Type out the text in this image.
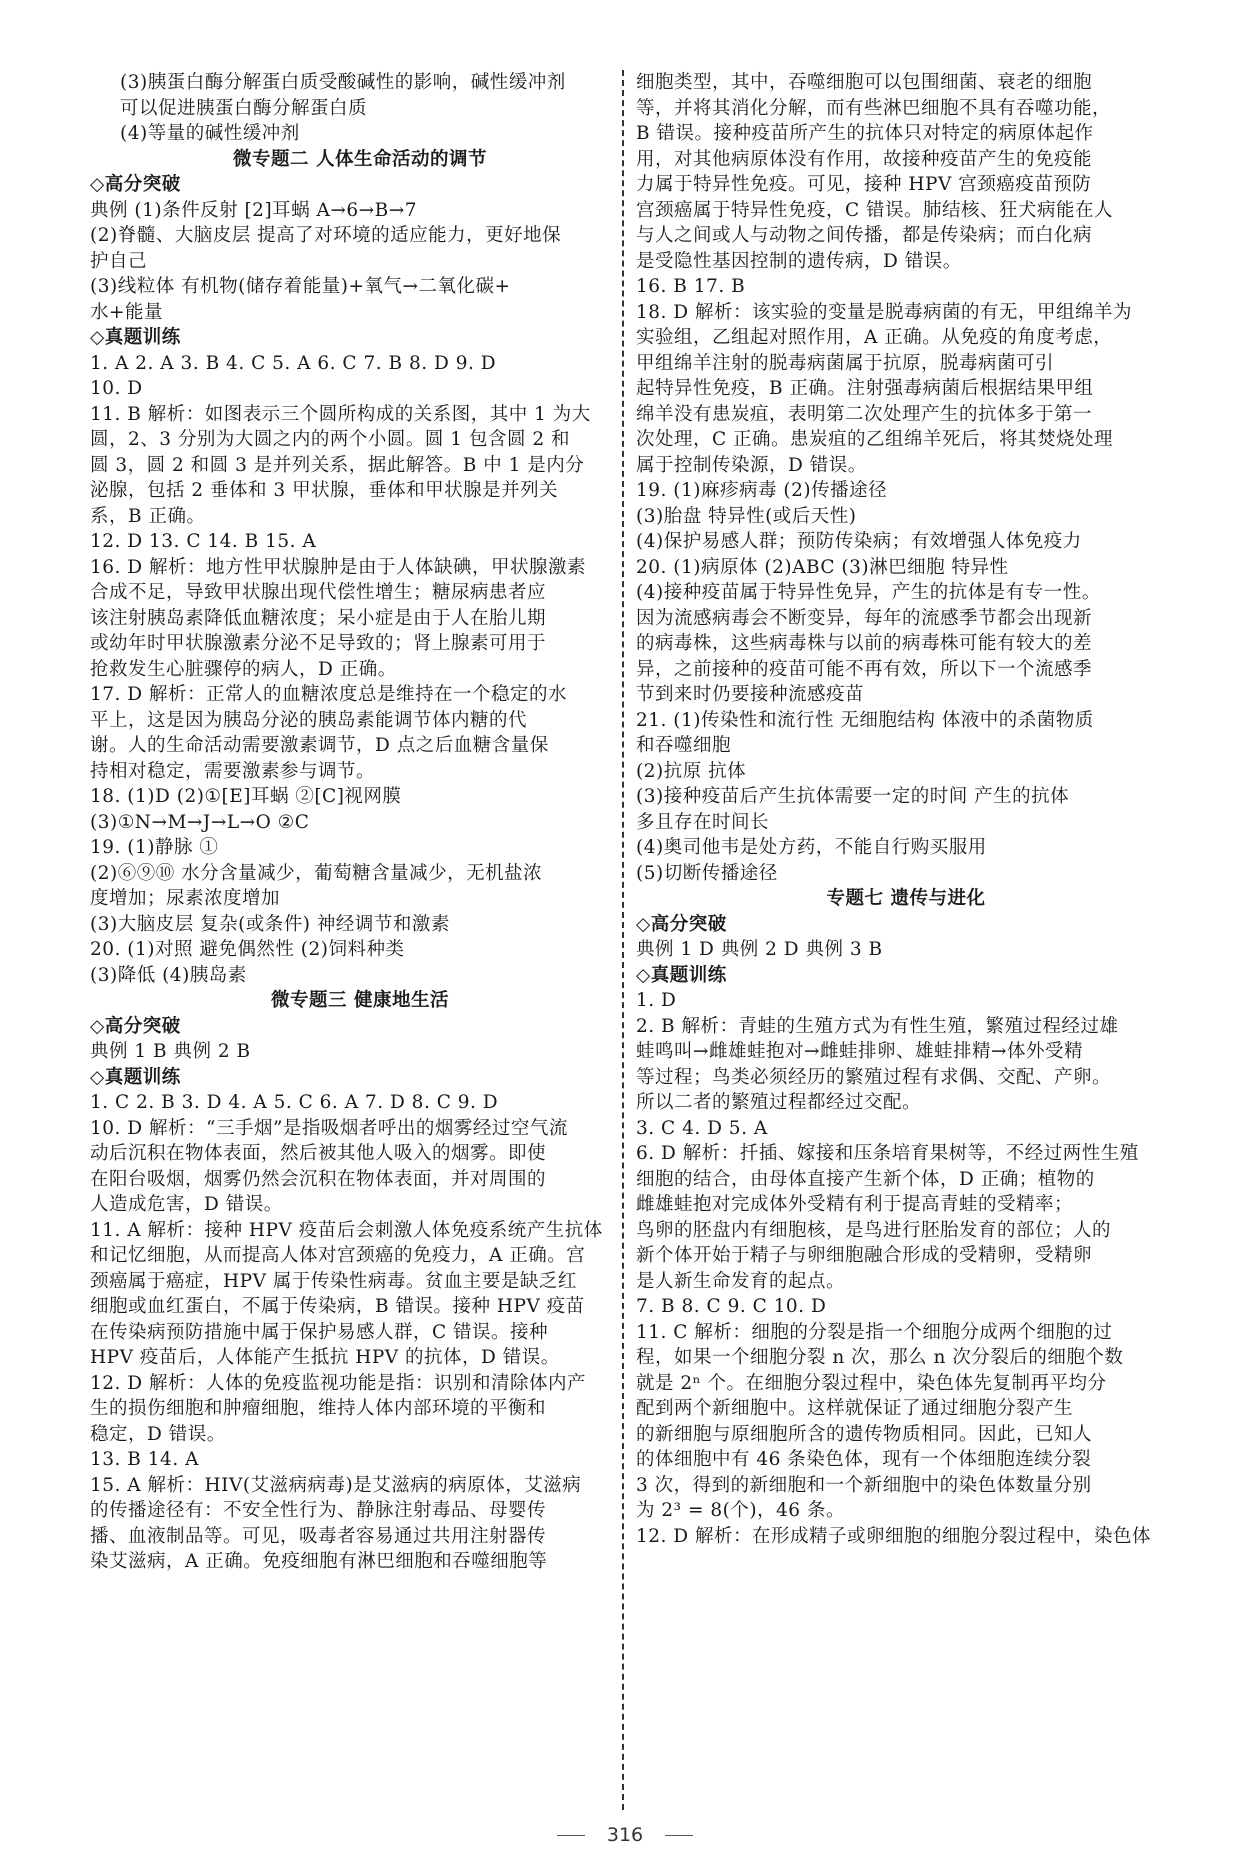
(3)胰蛋白酶分解蛋白质受酸碱性的影响，碱性缓冲剂
可以促进胰蛋白酶分解蛋白质
(4)等量的碱性缓冲剂
微专题二 人体生命活动的调节
◇高分突破
典例 (1)条件反射 [2]耳蜗 A→6→B→7
(2)脊髓、大脑皮层 提高了对环境的适应能力，更好地保
护自己
(3)线粒体 有机物(储存着能量)+氧气→二氧化碳+
水+能量
◇真题训练
1. A 2. A 3. B 4. C 5. A 6. C 7. B 8. D 9. D
10. D
11. B 解析：如图表示三个圆所构成的关系图，其中 1 为大
圆，2、3 分别为大圆之内的两个小圆。圆 1 包含圆 2 和
圆 3，圆 2 和圆 3 是并列关系，据此解答。B 中 1 是内分
泌腺，包括 2 垂体和 3 甲状腺，垂体和甲状腺是并列关
系，B 正确。
12. D 13. C 14. B 15. A
16. D 解析：地方性甲状腺肿是由于人体缺碘，甲状腺激素
合成不足，导致甲状腺出现代偿性增生；糖尿病患者应
该注射胰岛素降低血糖浓度；呆小症是由于人在胎儿期
或幼年时甲状腺激素分泌不足导致的；肾上腺素可用于
抢救发生心脏骤停的病人，D 正确。
17. D 解析：正常人的血糖浓度总是维持在一个稳定的水
平上，这是因为胰岛分泌的胰岛素能调节体内糖的代
谢。人的生命活动需要激素调节，D 点之后血糖含量保
持相对稳定，需要激素参与调节。
18. (1)D (2)①[E]耳蜗 ②[C]视网膜
(3)①N→M→J→L→O ②C
19. (1)静脉 ①
(2)⑥⑨⑩ 水分含量减少，葡萄糖含量减少，无机盐浓
度增加；尿素浓度增加
(3)大脑皮层 复杂(或条件) 神经调节和激素
20. (1)对照 避免偶然性 (2)饲料种类
(3)降低 (4)胰岛素
微专题三 健康地生活
◇高分突破
典例 1 B 典例 2 B
◇真题训练
1. C 2. B 3. D 4. A 5. C 6. A 7. D 8. C 9. D
10. D 解析：“三手烟”是指吸烟者呼出的烟雾经过空气流
动后沉积在物体表面，然后被其他人吸入的烟雾。即使
在阳台吸烟，烟雾仍然会沉积在物体表面，并对周围的
人造成危害，D 错误。
11. A 解析：接种 HPV 疫苗后会刺激人体免疫系统产生抗体
和记忆细胞，从而提高人体对宫颈癌的免疫力，A 正确。宫
颈癌属于癌症，HPV 属于传染性病毒。贫血主要是缺乏红
细胞或血红蛋白，不属于传染病，B 错误。接种 HPV 疫苗
在传染病预防措施中属于保护易感人群，C 错误。接种
HPV 疫苗后，人体能产生抵抗 HPV 的抗体，D 错误。
12. D 解析：人体的免疫监视功能是指：识别和清除体内产
生的损伤细胞和肿瘤细胞，维持人体内部环境的平衡和
稳定，D 错误。
13. B 14. A
15. A 解析：HIV(艾滋病病毒)是艾滋病的病原体，艾滋病
的传播途径有：不安全性行为、静脉注射毒品、母婴传
播、血液制品等。可见，吸毒者容易通过共用注射器传
染艾滋病，A 正确。免疫细胞有淋巴细胞和吞噬细胞等
细胞类型，其中，吞噬细胞可以包围细菌、衰老的细胞
等，并将其消化分解，而有些淋巴细胞不具有吞噬功能，
B 错误。接种疫苗所产生的抗体只对特定的病原体起作
用，对其他病原体没有作用，故接种疫苗产生的免疫能
力属于特异性免疫。可见，接种 HPV 宫颈癌疫苗预防
宫颈癌属于特异性免疫，C 错误。肺结核、狂犬病能在人
与人之间或人与动物之间传播，都是传染病；而白化病
是受隐性基因控制的遗传病，D 错误。
16. B 17. B
18. D 解析：该实验的变量是脱毒病菌的有无，甲组绵羊为
实验组，乙组起对照作用，A 正确。从免疫的角度考虑，
甲组绵羊注射的脱毒病菌属于抗原，脱毒病菌可引
起特异性免疫，B 正确。注射强毒病菌后根据结果甲组
绵羊没有患炭疽，表明第二次处理产生的抗体多于第一
次处理，C 正确。患炭疽的乙组绵羊死后，将其焚烧处理
属于控制传染源，D 错误。
19. (1)麻疹病毒 (2)传播途径
(3)胎盘 特异性(或后天性)
(4)保护易感人群；预防传染病；有效增强人体免疫力
20. (1)病原体 (2)ABC (3)淋巴细胞 特异性
(4)接种疫苗属于特异性免异，产生的抗体是有专一性。
因为流感病毒会不断变异，每年的流感季节都会出现新
的病毒株，这些病毒株与以前的病毒株可能有较大的差
异，之前接种的疫苗可能不再有效，所以下一个流感季
节到来时仍要接种流感疫苗
21. (1)传染性和流行性 无细胞结构 体液中的杀菌物质
和吞噬细胞
(2)抗原 抗体
(3)接种疫苗后产生抗体需要一定的时间 产生的抗体
多且存在时间长
(4)奥司他韦是处方药，不能自行购买服用
(5)切断传播途径
专题七 遗传与进化
◇高分突破
典例 1 D 典例 2 D 典例 3 B
◇真题训练
1. D
2. B 解析：青蛙的生殖方式为有性生殖，繁殖过程经过雄
蛙鸣叫→雌雄蛙抱对→雌蛙排卵、雄蛙排精→体外受精
等过程；鸟类必须经历的繁殖过程有求偶、交配、产卵。
所以二者的繁殖过程都经过交配。
3. C 4. D 5. A
6. D 解析：扦插、嫁接和压条培育果树等，不经过两性生殖
细胞的结合，由母体直接产生新个体，D 正确；植物的
雌雄蛙抱对完成体外受精有利于提高青蛙的受精率；
鸟卵的胚盘内有细胞核，是鸟进行胚胎发育的部位；人的
新个体开始于精子与卵细胞融合形成的受精卵，受精卵
是人新生命发育的起点。
7. B 8. C 9. C 10. D
11. C 解析：细胞的分裂是指一个细胞分成两个细胞的过
程，如果一个细胞分裂 n 次，那么 n 次分裂后的细胞个数
就是 2ⁿ 个。在细胞分裂过程中，染色体先复制再平均分
配到两个新细胞中。这样就保证了通过细胞分裂产生
的新细胞与原细胞所含的遗传物质相同。因此，已知人
的体细胞中有 46 条染色体，现有一个体细胞连续分裂
3 次，得到的新细胞和一个新细胞中的染色体数量分别
为 2³ = 8(个)，46 条。
12. D 解析：在形成精子或卵细胞的细胞分裂过程中，染色体
316
